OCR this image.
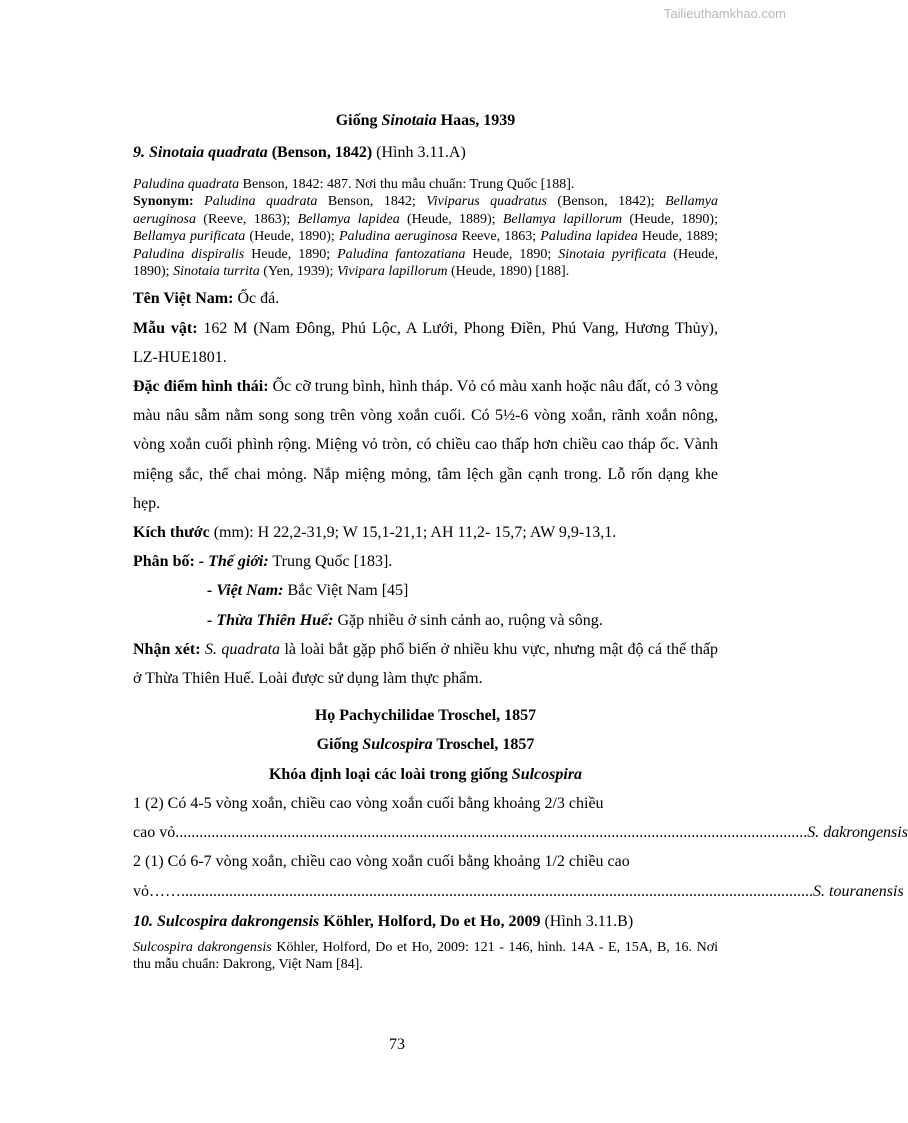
Tailieuthamkhao.com
Giống Sinotaia Haas, 1939
9. Sinotaia quadrata (Benson, 1842) (Hình 3.11.A)
Paludina quadrata Benson, 1842: 487. Nơi thu mẫu chuẩn: Trung Quốc [188].
Synonym: Paludina quadrata Benson, 1842; Viviparus quadratus (Benson, 1842); Bellamya aeruginosa (Reeve, 1863); Bellamya lapidea (Heude, 1889); Bellamya lapillorum (Heude, 1890); Bellamya purificata (Heude, 1890); Paludina aeruginosa Reeve, 1863; Paludina lapidea Heude, 1889; Paludina dispiralis Heude, 1890; Paludina fantozatiana Heude, 1890; Sinotaia pyrificata (Heude, 1890); Sinotaia turrita (Yen, 1939); Vivipara lapillorum (Heude, 1890) [188].
Tên Việt Nam: Ốc đá.
Mẫu vật: 162 M (Nam Đông, Phú Lộc, A Lưới, Phong Điền, Phú Vang, Hương Thủy), LZ-HUE1801.
Đặc điểm hình thái: Ốc cỡ trung bình, hình tháp. Vỏ có màu xanh hoặc nâu đất, có 3 vòng màu nâu sẫm nằm song song trên vòng xoắn cuối. Có 5½-6 vòng xoắn, rãnh xoắn nông, vòng xoắn cuối phình rộng. Miệng vỏ tròn, có chiều cao thấp hơn chiều cao tháp ốc. Vành miệng sắc, thể chai mỏng. Nắp miệng mỏng, tâm lệch gần cạnh trong. Lỗ rốn dạng khe hẹp.
Kích thước (mm): H 22,2-31,9; W 15,1-21,1; AH 11,2- 15,7; AW 9,9-13,1.
Phân bố: - Thế giới: Trung Quốc [183].
- Việt Nam: Bắc Việt Nam [45]
- Thừa Thiên Huế: Gặp nhiều ở sinh cảnh ao, ruộng và sông.
Nhận xét: S. quadrata là loài bắt gặp phổ biến ở nhiều khu vực, nhưng mật độ cá thể thấp ở Thừa Thiên Huế. Loài được sử dụng làm thực phẩm.
Họ Pachychilidae Troschel, 1857
Giống Sulcospira Troschel, 1857
Khóa định loại các loài trong giống Sulcospira
1 (2) Có 4-5 vòng xoắn, chiều cao vòng xoắn cuối bằng khoảng 2/3 chiều
cao vỏ .............................................................................................................................................................. S. dakrongensis
2 (1) Có 6-7 vòng xoắn, chiều cao vòng xoắn cuối bằng khoảng 1/2 chiều cao
vỏ…… .............................................................................................................................................................. S. touranensis
10. Sulcospira dakrongensis Köhler, Holford, Do et Ho, 2009 (Hình 3.11.B)
Sulcospira dakrongensis Köhler, Holford, Do et Ho, 2009: 121 - 146, hình. 14A - E, 15A, B, 16. Nơi thu mẫu chuẩn: Dakrong, Việt Nam [84].
73
